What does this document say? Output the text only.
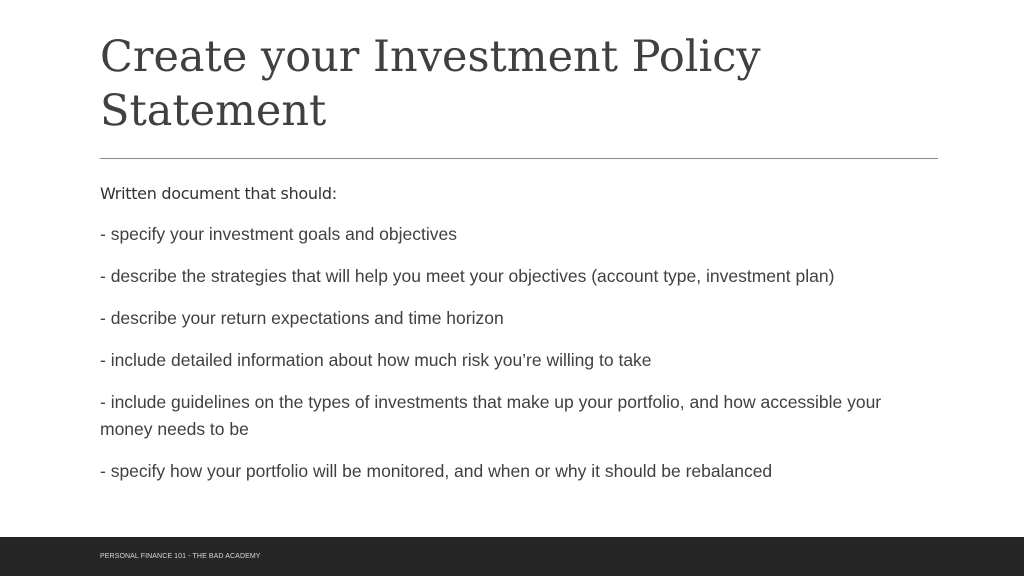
Create your Investment Policy Statement

Written document that should:

- specify your investment goals and objectives

- describe the strategies that will help you meet your objectives (account type, investment plan)

- describe your return expectations and time horizon

- include detailed information about how much risk you’re willing to take

- include guidelines on the types of investments that make up your portfolio, and how accessible your money needs to be

- specify how your portfolio will be monitored, and when or why it should be rebalanced

PERSONAL FINANCE 101 - THE BAD ACADEMY
